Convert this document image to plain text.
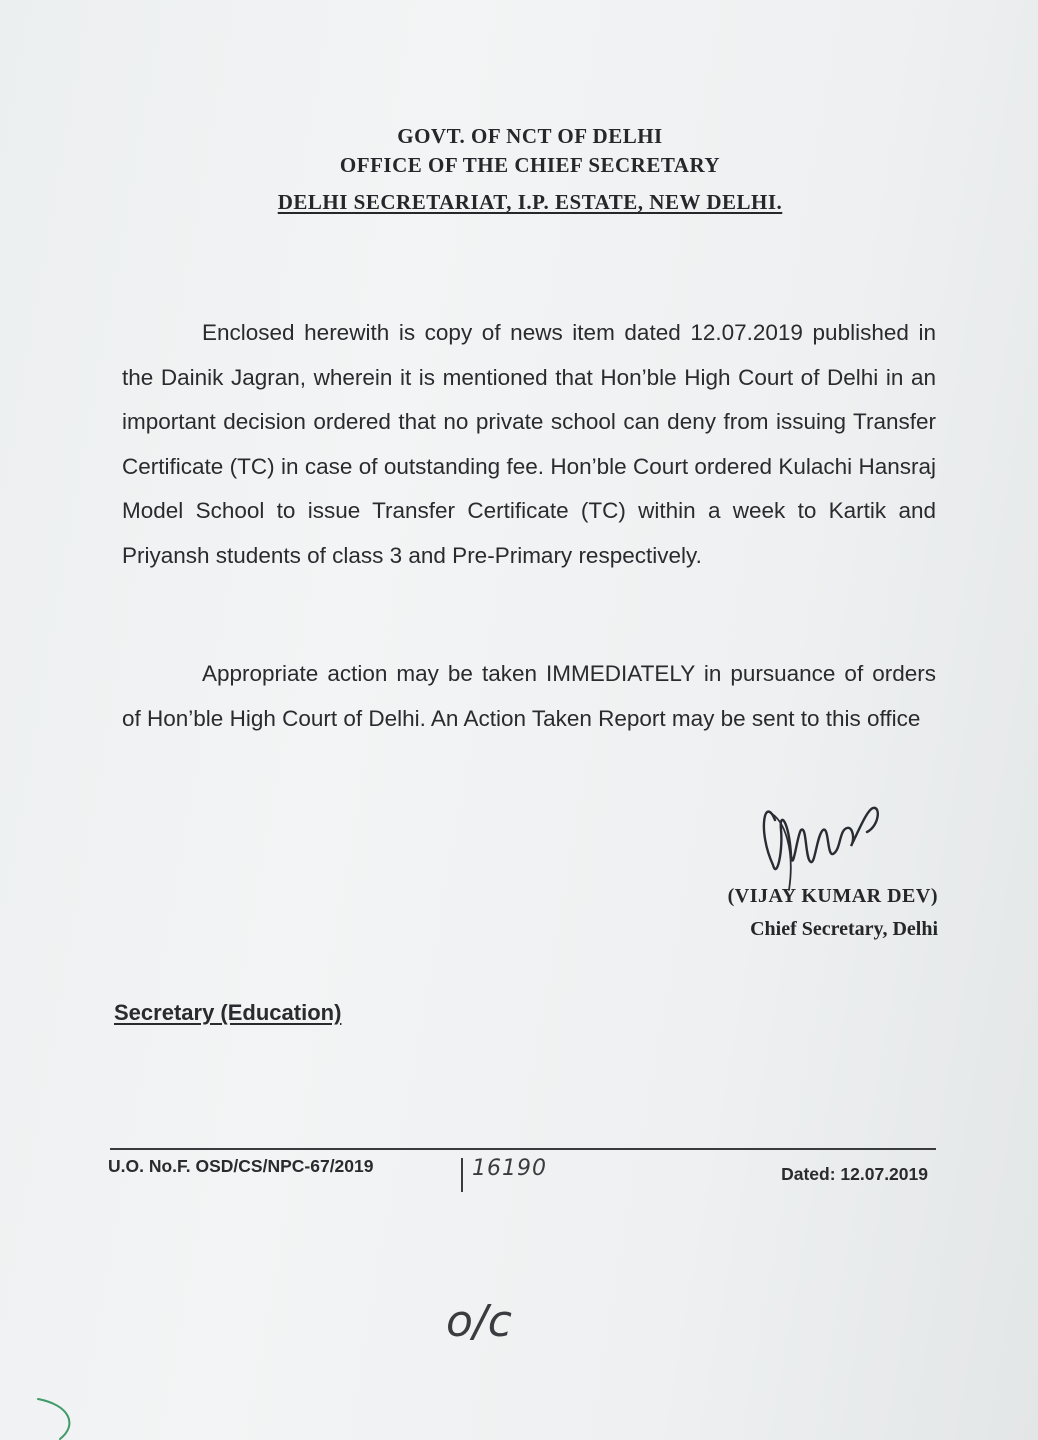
GOVT. OF NCT OF DELHI
OFFICE OF THE CHIEF SECRETARY
DELHI SECRETARIAT, I.P. ESTATE, NEW DELHI.
Enclosed herewith is copy of news item dated 12.07.2019 published in the Dainik Jagran, wherein it is mentioned that Hon’ble High Court of Delhi in an important decision ordered that no private school can deny from issuing Transfer Certificate (TC) in case of outstanding fee. Hon’ble Court ordered Kulachi Hansraj Model School to issue Transfer Certificate (TC) within a week to Kartik and Priyansh students of class 3 and Pre-Primary respectively.
Appropriate action may be taken IMMEDIATELY in pursuance of orders of Hon’ble High Court of Delhi. An Action Taken Report may be sent to this office
(VIJAY KUMAR DEV)
Chief Secretary, Delhi
Secretary (Education)
U.O. No.F. OSD/CS/NPC-67/2019	16190	Dated: 12.07.2019
o/c
